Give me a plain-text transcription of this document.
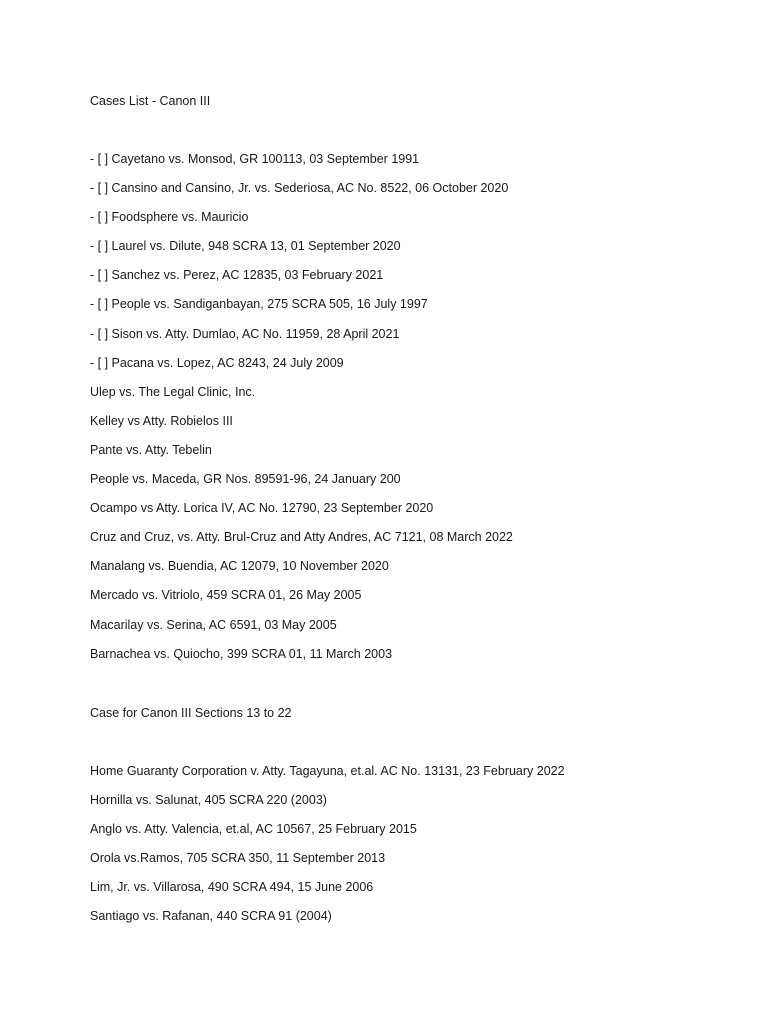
Cases List - Canon III
- [ ] Cayetano vs. Monsod, GR 100113, 03 September 1991
- [ ] Cansino and Cansino, Jr. vs. Sederiosa, AC No. 8522, 06 October 2020
- [ ] Foodsphere vs. Mauricio
- [ ] Laurel vs. Dilute, 948 SCRA 13, 01 September 2020
- [ ] Sanchez vs. Perez, AC 12835, 03 February 2021
- [ ] People vs. Sandiganbayan, 275 SCRA 505, 16 July 1997
- [ ] Sison vs. Atty. Dumlao, AC No. 11959, 28 April 2021
- [ ] Pacana vs. Lopez, AC 8243, 24 July 2009
Ulep vs. The Legal Clinic, Inc.
Kelley vs Atty. Robielos III
Pante vs. Atty. Tebelin
People vs. Maceda, GR Nos. 89591-96, 24 January 200
Ocampo vs Atty. Lorica IV, AC No. 12790, 23 September 2020
Cruz and Cruz, vs. Atty. Brul-Cruz and Atty Andres, AC 7121, 08 March 2022
Manalang vs. Buendia, AC 12079, 10 November 2020
Mercado vs. Vitriolo, 459 SCRA 01, 26 May 2005
Macarilay vs. Serina, AC 6591, 03 May 2005
Barnachea vs. Quiocho, 399 SCRA 01, 11 March 2003
Case for Canon III Sections 13 to 22
Home Guaranty Corporation v. Atty. Tagayuna, et.al. AC No. 13131, 23 February 2022
Hornilla vs. Salunat, 405 SCRA 220 (2003)
Anglo vs. Atty. Valencia, et.al, AC 10567, 25 February 2015
Orola vs.Ramos, 705 SCRA 350, 11 September 2013
Lim, Jr. vs. Villarosa, 490 SCRA 494, 15 June 2006
Santiago vs. Rafanan, 440 SCRA 91 (2004)
